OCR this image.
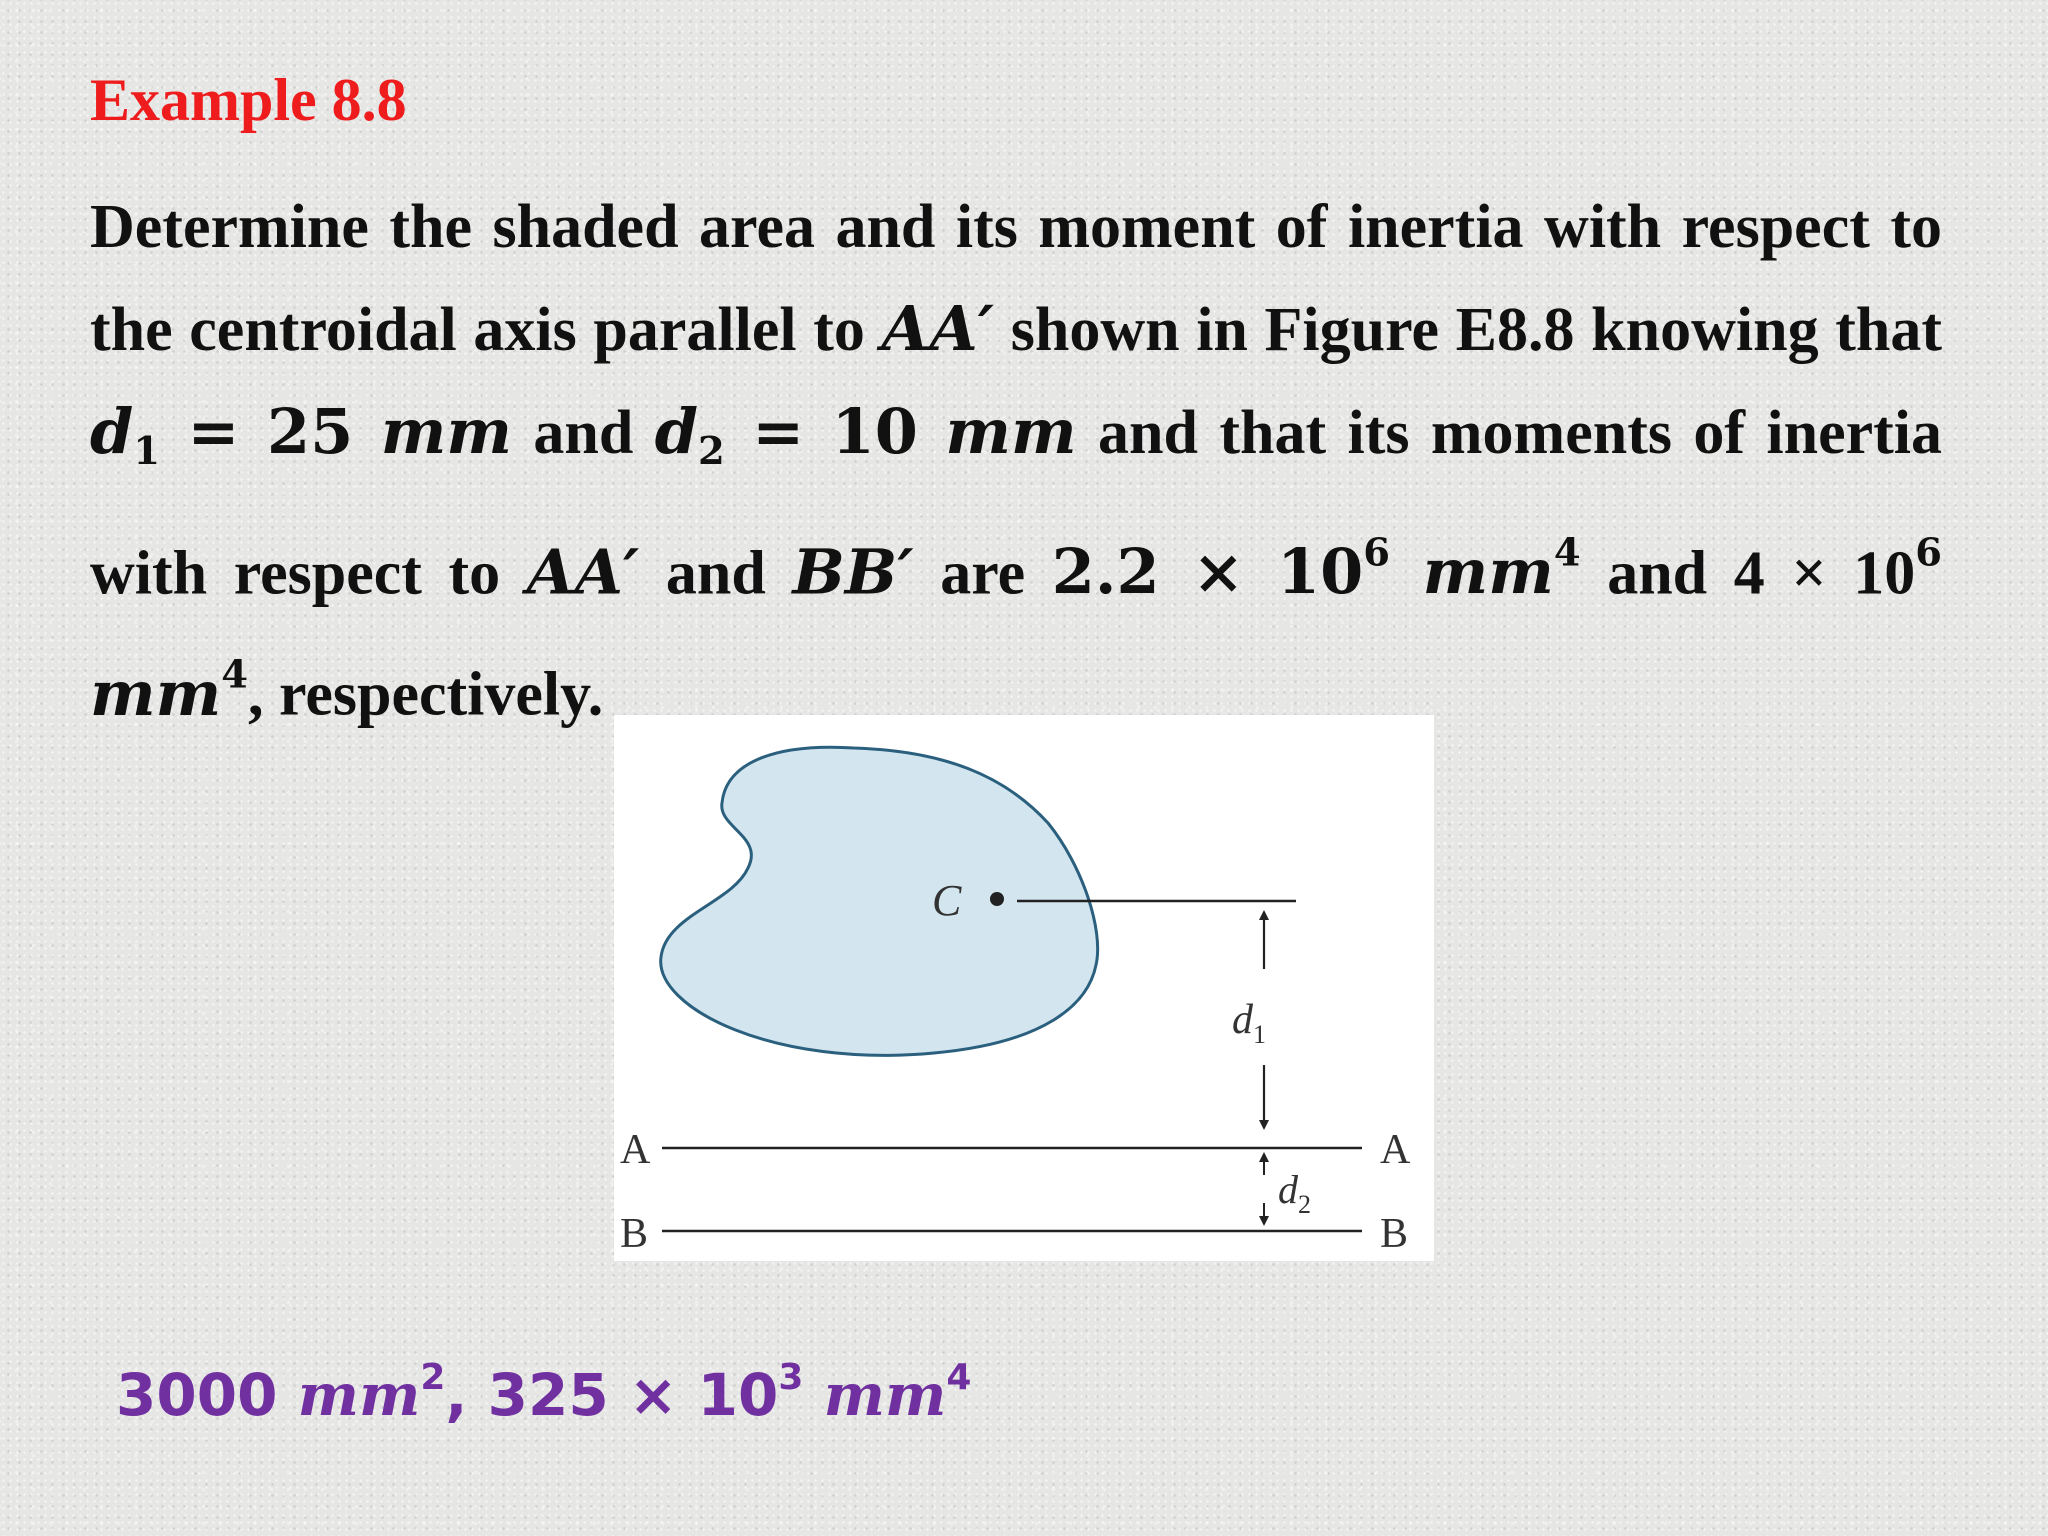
Example 8.8

Determine the shaded area and its moment of inertia with respect to the centroidal axis parallel to AA′ shown in Figure E8.8 knowing that $d_1 = 25$ mm and $d_2 = 10$ mm and that its moments of inertia with respect to AA′ and BB′ are $2.2 \times 10^6$ $mm^4$ and $4 \times 10^6$ $mm^4$, respectively.

C
$d_1$
A	A
$d_2$
B	B

3000 $mm^2$, $325 \times 10^3$ $mm^4$
